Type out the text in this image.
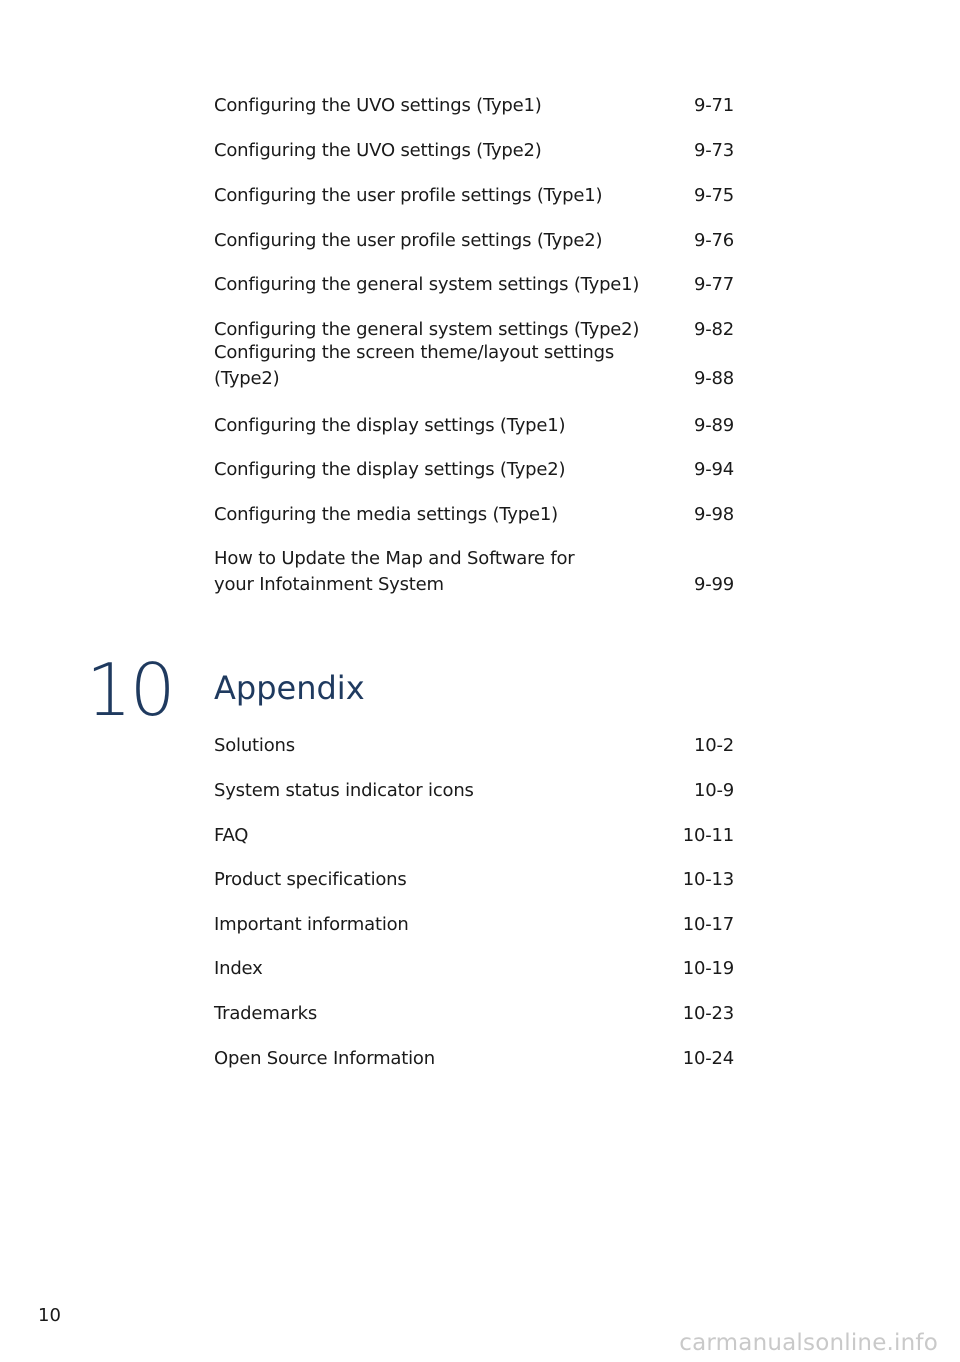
Configuring the UVO settings (Type1)	9-71
Configuring the UVO settings (Type2)	9-73
Configuring the user profile settings (Type1)	9-75
Configuring the user profile settings (Type2)	9-76
Configuring the general system settings (Type1)	9-77
Configuring the general system settings (Type2)	9-82
Configuring the screen theme/layout settings (Type2)	9-88
Configuring the display settings (Type1)	9-89
Configuring the display settings (Type2)	9-94
Configuring the media settings (Type1)	9-98
How to Update the Map and Software for
your Infotainment System	9-99
10 Appendix
Solutions	10-2
System status indicator icons	10-9
FAQ	10-11
Product specifications	10-13
Important information	10-17
Index	10-19
Trademarks	10-23
Open Source Information	10-24
10
carmanualsonline.info
